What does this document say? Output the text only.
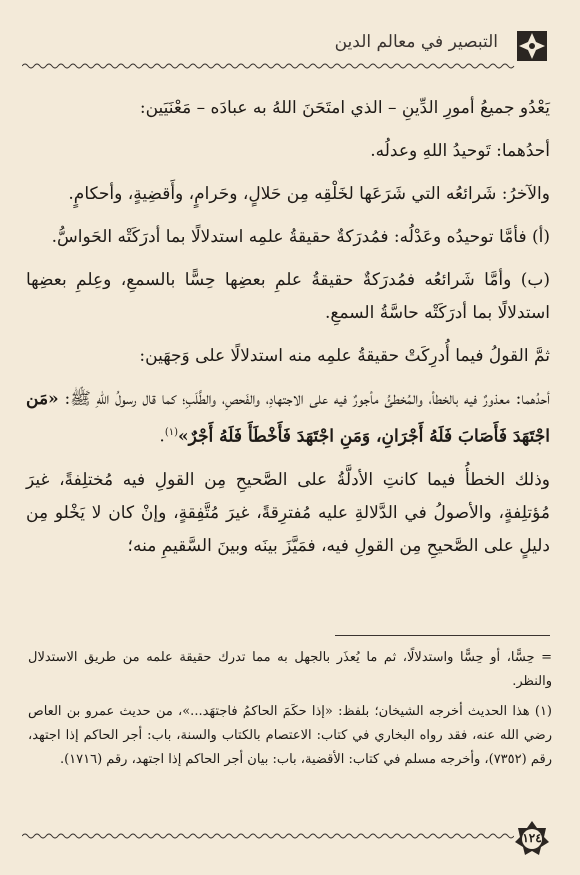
التبصير في معالم الدين

يَعْدُو جميعُ أمورِ الدِّينِ – الذي امتَحَنَ اللهُ به عبادَه – مَعْنَيَين:

أحدُهما: تَوحيدُ اللهِ وعدلُه.

والآخرُ: شَرائعُه التي شَرَعَها لخَلْقِه مِن حَلالٍ، وحَرامٍ، وأَقضِيةٍ، وأحكامٍ.

(أ) فأمَّا توحيدُه وعَدْلُه: فمُدرَكةٌ حقيقةُ علمِه استدلالًا بما أدرَكَتْه الحَواسُّ.

(ب) وأمَّا شَرائعُه فمُدرَكةٌ حقيقةُ علمِ بعضِها حِسًّا بالسمعِ، وعِلمِ بعضِها استدلالًا بما أدرَكَتْه حاسَّةُ السمعِ.

ثمَّ القولُ فيما أُدرِكَتْ حقيقةُ علمِه منه استدلالًا على وَجهَين:

أحدُهما: معذورٌ فيه بالخطأ، والمُخطئُ مأجورٌ فيه على الاجتهادِ، والفَحصِ، والطَّلَبِ؛ كما قال رسولُ اللهِ ﷺ: «مَن اجْتَهَدَ فَأَصَابَ فَلَهُ أَجْرَانِ، وَمَنِ اجْتَهَدَ فَأَخْطَأَ فَلَهُ أَجْرٌ»$^{(١)}$.

وذلك الخطأُ فيما كانتِ الأدلَّةُ على الصَّحيحِ مِن القولِ فيه مُختلِفةً، غيرَ مُؤتلِفةٍ، والأصولُ في الدَّلالةِ عليه مُفترِقةً، غيرَ مُتَّفِقةٍ، وإنْ كان لا يَخْلو مِن دليلٍ على الصَّحيحِ مِن القولِ فيه، فمَيَّزَ بينَه وبينَ السَّقيمِ منه؛

= حِسًّا، أو حِسًّا واستدلالًا، ثم ما يُعذَر بالجهل به مما تدرك حقيقة علمه من طريق الاستدلال والنظر.

(١) هذا الحديث أخرجه الشيخان؛ بلفظ: «إذا حكَمَ الحاكمُ فاجتهَد...»، من حديث عمرو بن العاص رضي الله عنه، فقد رواه البخاري في كتاب: الاعتصام بالكتاب والسنة، باب: أجر الحاكم إذا اجتهد، رقم (٧٣٥٢)، وأخرجه مسلم في كتاب: الأقضية، باب: بيان أجر الحاكم إذا اجتهد، رقم (١٧١٦).

١٢٤
